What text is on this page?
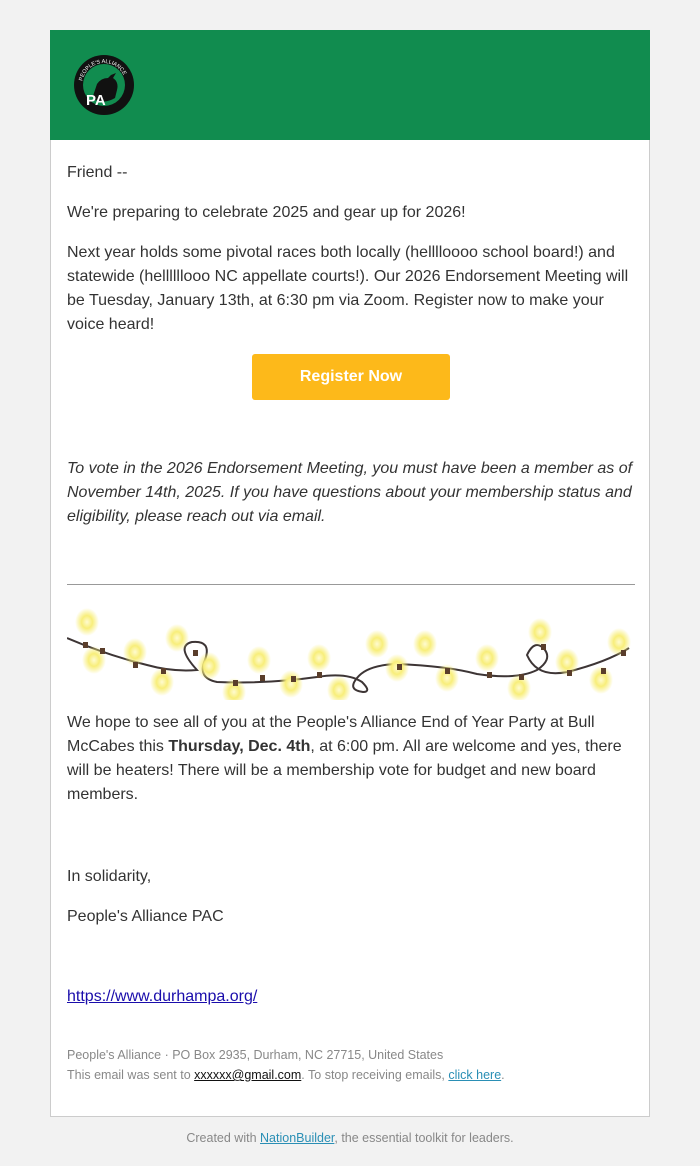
PA
PEOPLE'S ALLIANCE

Friend --

We're preparing to celebrate 2025 and gear up for 2026!

Next year holds some pivotal races both locally (helllloooo school board!) and statewide (hellllllooo NC appellate courts!). Our 2026 Endorsement Meeting will be Tuesday, January 13th, at 6:30 pm via Zoom. Register now to make your voice heard!

Register Now

To vote in the 2026 Endorsement Meeting, you must have been a member as of November 14th, 2025. If you have questions about your membership status and eligibility, please reach out via email.

We hope to see all of you at the People's Alliance End of Year Party at Bull McCabes this Thursday, Dec. 4th, at 6:00 pm. All are welcome and yes, there will be heaters! There will be a membership vote for budget and new board members.

In solidarity,

People's Alliance PAC

https://www.durhampa.org/

People's Alliance · PO Box 2935, Durham, NC 27715, United States
This email was sent to xxxxxx@gmail.com. To stop receiving emails, click here.
Created with NationBuilder, the essential toolkit for leaders.
